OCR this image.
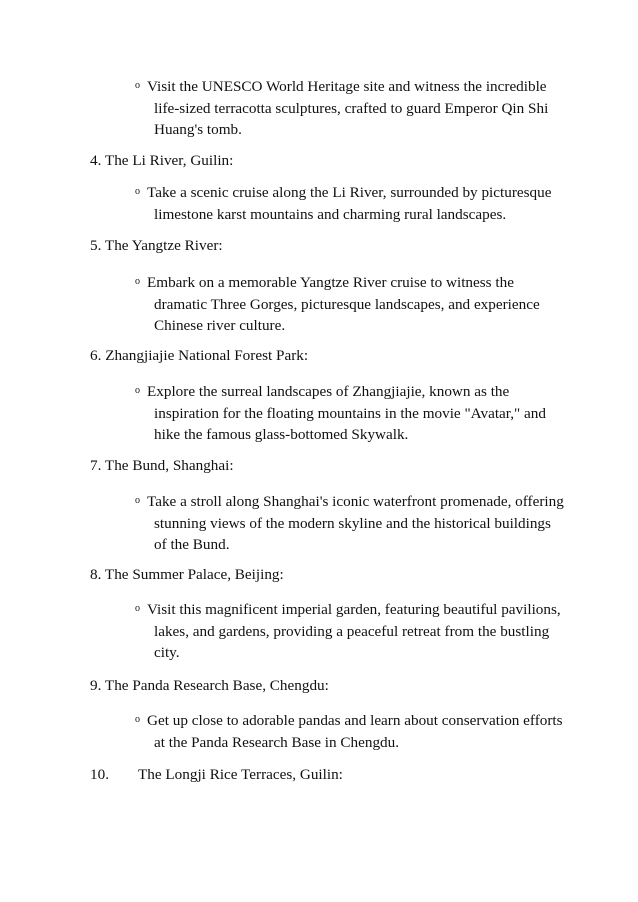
o Visit the UNESCO World Heritage site and witness the incredible
life-sized terracotta sculptures, crafted to guard Emperor Qin Shi
Huang's tomb.
4. The Li River, Guilin:
o Take a scenic cruise along the Li River, surrounded by picturesque
limestone karst mountains and charming rural landscapes.
5. The Yangtze River:
o Embark on a memorable Yangtze River cruise to witness the
dramatic Three Gorges, picturesque landscapes, and experience
Chinese river culture.
6. Zhangjiajie National Forest Park:
o Explore the surreal landscapes of Zhangjiajie, known as the
inspiration for the floating mountains in the movie "Avatar," and
hike the famous glass-bottomed Skywalk.
7. The Bund, Shanghai:
o Take a stroll along Shanghai's iconic waterfront promenade, offering
stunning views of the modern skyline and the historical buildings
of the Bund.
8. The Summer Palace, Beijing:
o Visit this magnificent imperial garden, featuring beautiful pavilions,
lakes, and gardens, providing a peaceful retreat from the bustling
city.
9. The Panda Research Base, Chengdu:
o Get up close to adorable pandas and learn about conservation efforts
at the Panda Research Base in Chengdu.
10. The Longji Rice Terraces, Guilin:
